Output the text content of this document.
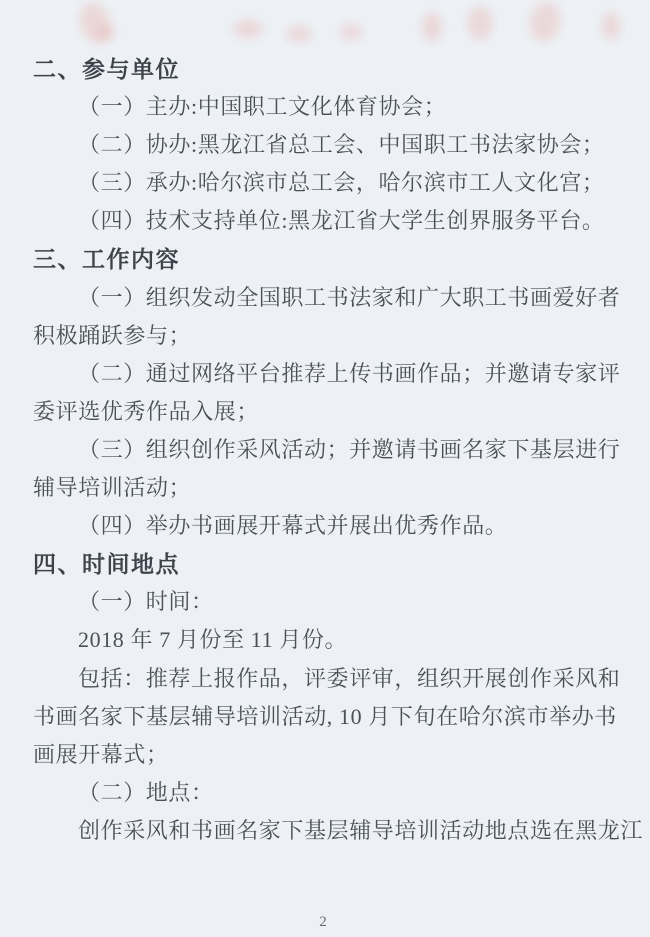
二、参与单位
（一）主办:中国职工文化体育协会；
（二）协办:黑龙江省总工会、中国职工书法家协会；
（三）承办:哈尔滨市总工会，哈尔滨市工人文化宫；
（四）技术支持单位:黑龙江省大学生创界服务平台。
三、工作内容
（一）组织发动全国职工书法家和广大职工书画爱好者
积极踊跃参与；
（二）通过网络平台推荐上传书画作品；并邀请专家评
委评选优秀作品入展；
（三）组织创作采风活动；并邀请书画名家下基层进行
辅导培训活动；
（四）举办书画展开幕式并展出优秀作品。
四、时间地点
（一）时间：
2018 年 7 月份至 11 月份。
包括：推荐上报作品，评委评审，组织开展创作采风和
书画名家下基层辅导培训活动, 10 月下旬在哈尔滨市举办书
画展开幕式；
（二）地点：
创作采风和书画名家下基层辅导培训活动地点选在黑龙江
2
